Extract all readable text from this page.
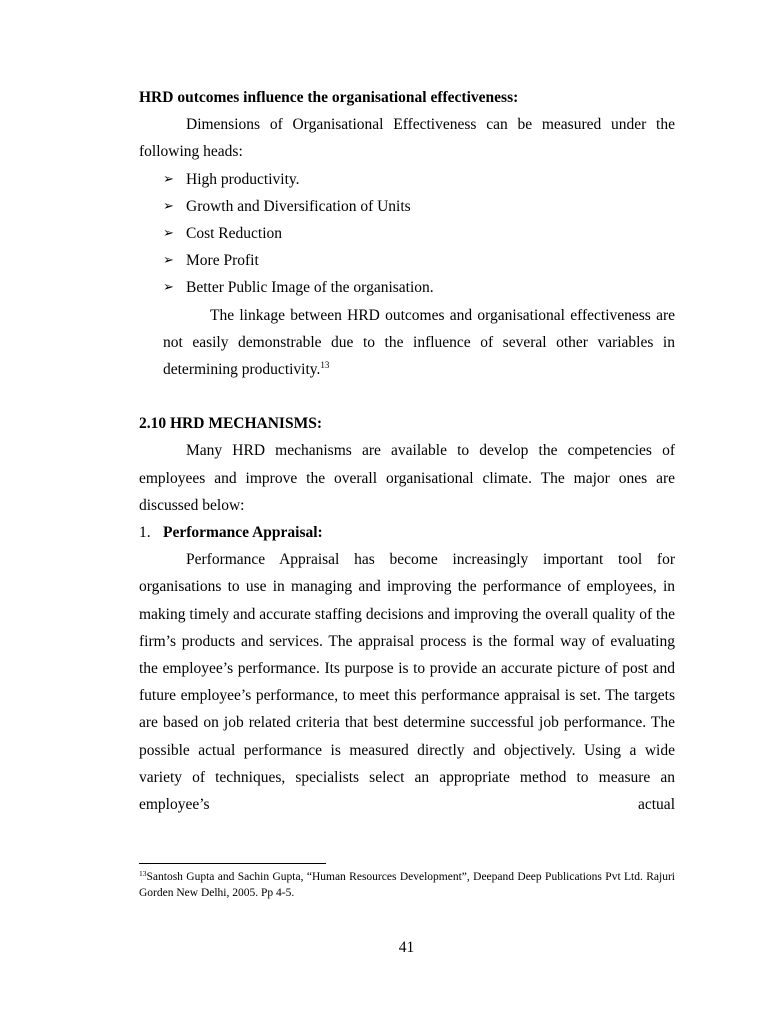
HRD outcomes influence the organisational effectiveness:

Dimensions of Organisational Effectiveness can be measured under the following heads:

➢ High productivity.
➢ Growth and Diversification of Units
➢ Cost Reduction
➢ More Profit
➢ Better Public Image of the organisation.

The linkage between HRD outcomes and organisational effectiveness are not easily demonstrable due to the influence of several other variables in determining productivity.$^{13}$

2.10 HRD MECHANISMS:

Many HRD mechanisms are available to develop the competencies of employees and improve the overall organisational climate. The major ones are discussed below:

1. Performance Appraisal:

Performance Appraisal has become increasingly important tool for organisations to use in managing and improving the performance of employees, in making timely and accurate staffing decisions and improving the overall quality of the firm’s products and services. The appraisal process is the formal way of evaluating the employee’s performance. Its purpose is to provide an accurate picture of post and future employee’s performance, to meet this performance appraisal is set. The targets are based on job related criteria that best determine successful job performance. The possible actual performance is measured directly and objectively. Using a wide variety of techniques, specialists select an appropriate method to measure an employee’s actual

$^{13}$Santosh Gupta and Sachin Gupta, “Human Resources Development”, Deepand Deep Publications Pvt Ltd. Rajuri Gorden New Delhi, 2005. Pp 4-5.
41
